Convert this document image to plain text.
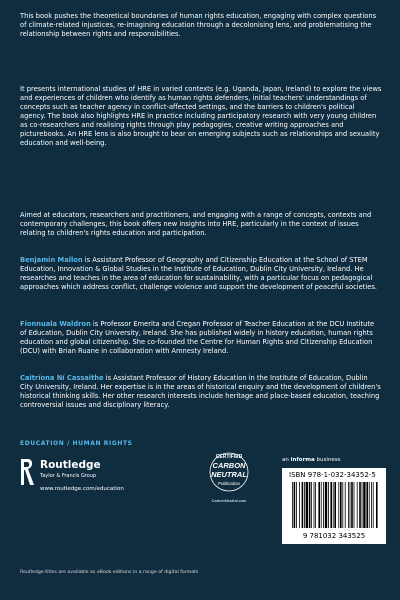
This book pushes the theoretical boundaries of human rights education, engaging with complex questions of climate-related injustices, re-imagining education through a decolonising lens, and problematising the relationship between rights and responsibilities.

It presents international studies of HRE in varied contexts (e.g. Uganda, Japan, Ireland) to explore the views and experiences of children who identify as human rights defenders, initial teachers' understandings of concepts such as teacher agency in conflict-affected settings, and the barriers to children's political agency. The book also highlights HRE in practice including participatory research with very young children as co-researchers and realising rights through play pedagogies, creative writing approaches and picturebooks. An HRE lens is also brought to bear on emerging subjects such as relationships and sexuality education and well-being.

Aimed at educators, researchers and practitioners, and engaging with a range of concepts, contexts and contemporary challenges, this book offers new insights into HRE, particularly in the context of issues relating to children's rights education and participation.

Benjamin Mallon is Assistant Professor of Geography and Citizenship Education at the School of STEM Education, Innovation & Global Studies in the Institute of Education, Dublin City University, Ireland. He researches and teaches in the area of education for sustainability, with a particular focus on pedagogical approaches which address conflict, challenge violence and support the development of peaceful societies.

Fionnuala Waldron is Professor Emerita and Cregan Professor of Teacher Education at the DCU Institute of Education, Dublin City University, Ireland. She has published widely in history education, human rights education and global citizenship. She co-founded the Centre for Human Rights and Citizenship Education (DCU) with Brian Ruane in collaboration with Amnesty Ireland.

Caitríona Ní Cassaithe is Assistant Professor of History Education in the Institute of Education, Dublin City University, Ireland. Her expertise is in the areas of historical enquiry and the development of children's historical thinking skills. Her other research interests include heritage and place-based education, teaching controversial issues and disciplinary literacy.

EDUCATION / HUMAN RIGHTS
Routledge
Taylor & Francis Group
www.routledge.com/education
CERTIFIED
CARBON
NEUTRAL
Publication
CarbonNeutral.com
an informa business
ISBN 978-1-032-34352-5
9 781032 343525
Routledge titles are available as eBook editions in a range of digital formats
